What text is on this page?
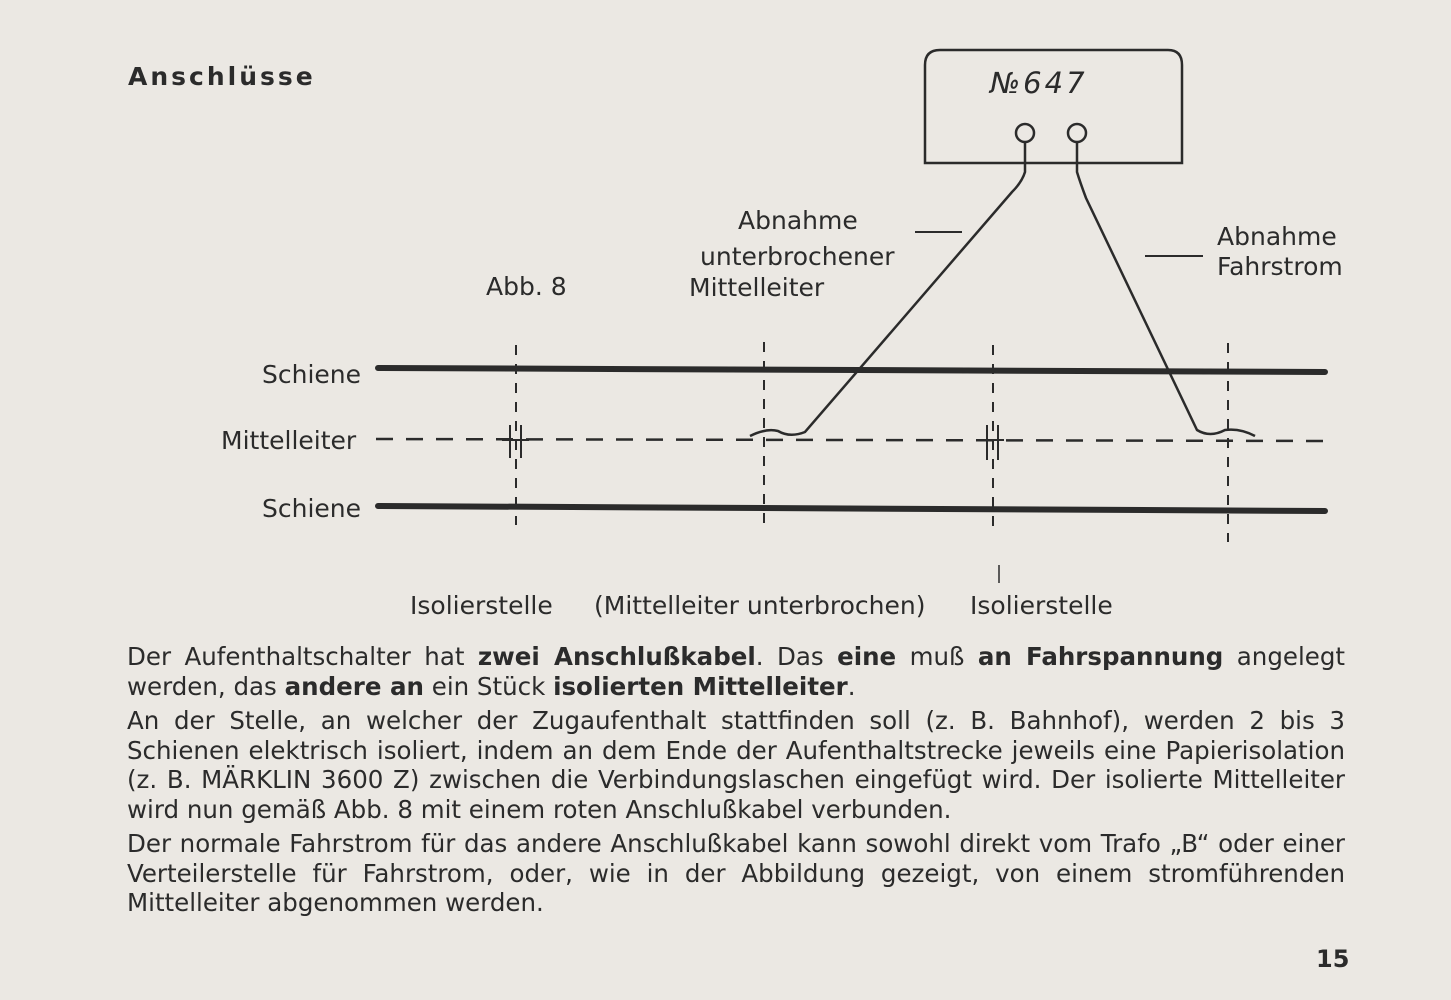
Anschlüsse	№647
Abnahme
unterbrochener
Mittelleiter
Abnahme
Fahrstrom
Abb. 8
Schiene
Mittelleiter
Schiene
Isolierstelle (Mittelleiter unterbrochen) Isolierstelle

Der Aufenthaltschalter hat zwei Anschlußkabel. Das eine muß an Fahrspannung angelegt werden, das andere an ein Stück isolierten Mittelleiter.

An der Stelle, an welcher der Zugaufenthalt stattfinden soll (z. B. Bahnhof), werden 2 bis 3 Schienen elektrisch isoliert, indem an dem Ende der Aufenthaltstrecke jeweils eine Papierisolation (z. B. MÄRKLIN 3600 Z) zwischen die Verbindungslaschen eingefügt wird. Der isolierte Mittelleiter wird nun gemäß Abb. 8 mit einem roten Anschlußkabel verbunden.

Der normale Fahrstrom für das andere Anschlußkabel kann sowohl direkt vom Trafo „B“ oder einer Verteilerstelle für Fahrstrom, oder, wie in der Abbildung gezeigt, von einem stromführenden Mittelleiter abgenommen werden.

15
